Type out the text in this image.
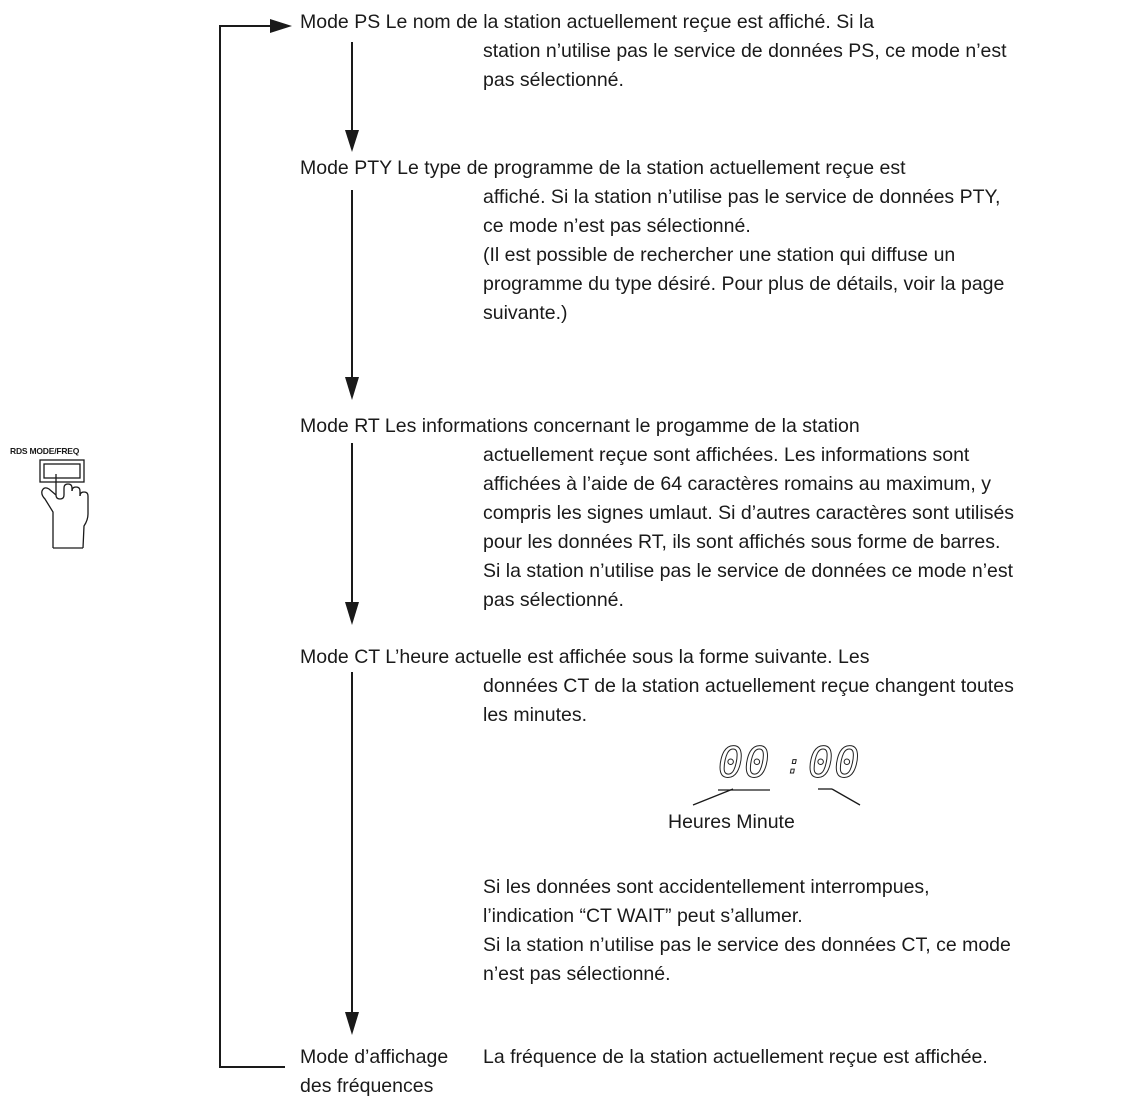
RDS MODE/FREQ
Mode PS Le nom de la station actuellement reçue est affiché. Si la
station n’utilise pas le service de données PS, ce mode n’est
pas sélectionné.
Mode PTY Le type de programme de la station actuellement reçue est
affiché. Si la station n’utilise pas le service de données PTY,
ce mode n’est pas sélectionné.
(Il est possible de rechercher une station qui diffuse un
programme du type désiré. Pour plus de détails, voir la page
suivante.)
Mode RT Les informations concernant le progamme de la station
actuellement reçue sont affichées. Les informations sont
affichées à l’aide de 64 caractères romains au maximum, y
compris les signes umlaut. Si d’autres caractères sont utilisés
pour les données RT, ils sont affichés sous forme de barres.
Si la station n’utilise pas le service de données ce mode n’est
pas sélectionné.
Mode CT L’heure actuelle est affichée sous la forme suivante. Les
données CT de la station actuellement reçue changent toutes
les minutes.
00 : 00
Heures Minute
Si les données sont accidentellement interrompues,
l’indication “CT WAIT” peut s’allumer.
Si la station n’utilise pas le service des données CT, ce mode
n’est pas sélectionné.
Mode d’affichage
des fréquences
La fréquence de la station actuellement reçue est affichée.
